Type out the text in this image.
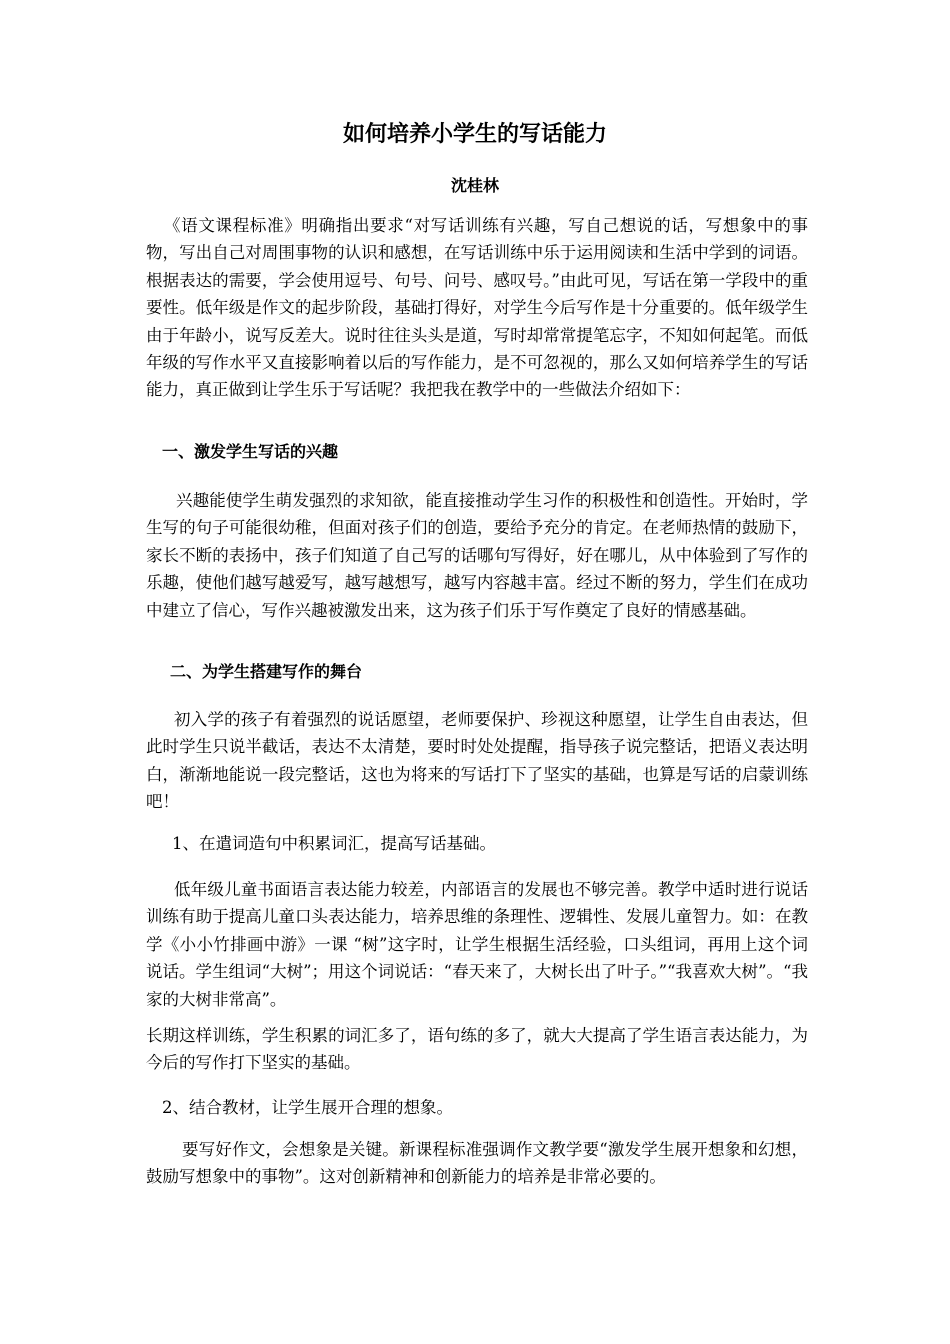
如何培养小学生的写话能力
沈桂林

《语文课程标准》明确指出要求“对写话训练有兴趣，写自己想说的话，写想象中的事物，写出自己对周围事物的认识和感想，在写话训练中乐于运用阅读和生活中学到的词语。根据表达的需要，学会使用逗号、句号、问号、感叹号。”由此可见，写话在第一学段中的重要性。低年级是作文的起步阶段，基础打得好，对学生今后写作是十分重要的。低年级学生由于年龄小，说写反差大。说时往往头头是道，写时却常常提笔忘字，不知如何起笔。而低年级的写作水平又直接影响着以后的写作能力，是不可忽视的，那么又如何培养学生的写话能力，真正做到让学生乐于写话呢？我把我在教学中的一些做法介绍如下：

一、激发学生写话的兴趣

兴趣能使学生萌发强烈的求知欲，能直接推动学生习作的积极性和创造性。开始时，学生写的句子可能很幼稚，但面对孩子们的创造，要给予充分的肯定。在老师热情的鼓励下，家长不断的表扬中，孩子们知道了自己写的话哪句写得好，好在哪儿，从中体验到了写作的乐趣，使他们越写越爱写，越写越想写，越写内容越丰富。经过不断的努力，学生们在成功中建立了信心，写作兴趣被激发出来，这为孩子们乐于写作奠定了良好的情感基础。

二、为学生搭建写作的舞台

初入学的孩子有着强烈的说话愿望，老师要保护、珍视这种愿望，让学生自由表达，但此时学生只说半截话，表达不太清楚，要时时处处提醒，指导孩子说完整话，把语义表达明白，渐渐地能说一段完整话，这也为将来的写话打下了坚实的基础，也算是写话的启蒙训练吧！

1、在遣词造句中积累词汇，提高写话基础。

低年级儿童书面语言表达能力较差，内部语言的发展也不够完善。教学中适时进行说话训练有助于提高儿童口头表达能力，培养思维的条理性、逻辑性、发展儿童智力。如：在教学《小小竹排画中游》一课 “树”这字时，让学生根据生活经验，口头组词，再用上这个词说话。学生组词“大树”；用这个词说话：“春天来了，大树长出了叶子。”“我喜欢大树”。“我家的大树非常高”。

长期这样训练，学生积累的词汇多了，语句练的多了，就大大提高了学生语言表达能力，为今后的写作打下坚实的基础。

2、结合教材，让学生展开合理的想象。

要写好作文，会想象是关键。新课程标准强调作文教学要“激发学生展开想象和幻想，鼓励写想象中的事物”。这对创新精神和创新能力的培养是非常必要的。
